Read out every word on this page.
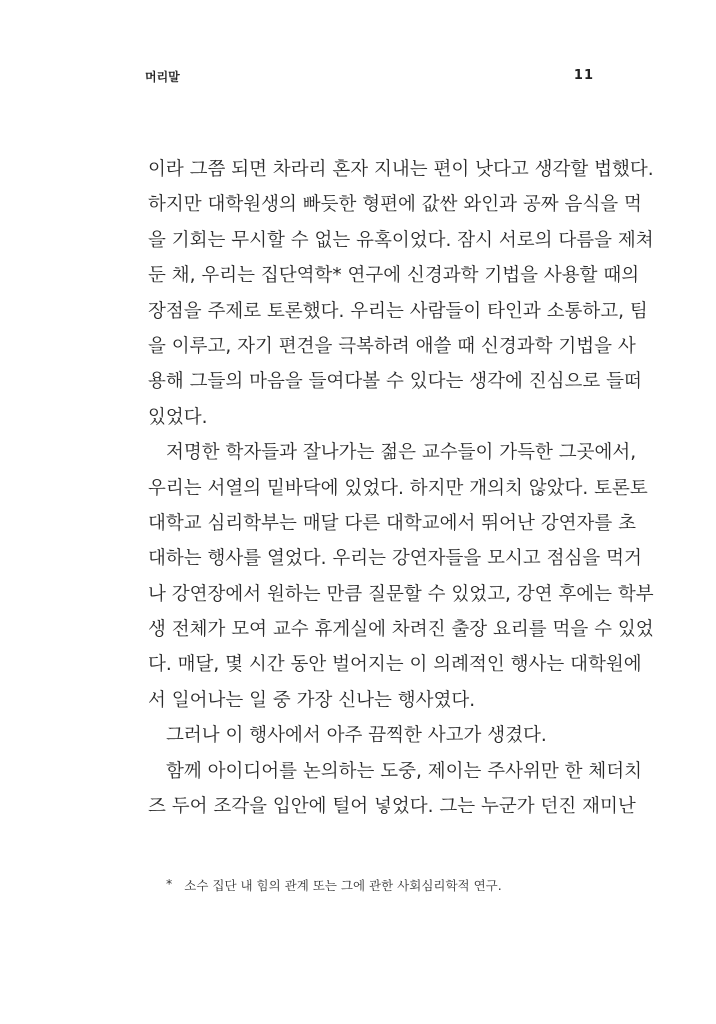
머리말	11
이라 그쯤 되면 차라리 혼자 지내는 편이 낫다고 생각할 법했다.
하지만 대학원생의 빠듯한 형편에 값싼 와인과 공짜 음식을 먹
을 기회는 무시할 수 없는 유혹이었다. 잠시 서로의 다름을 제쳐
둔 채, 우리는 집단역학* 연구에 신경과학 기법을 사용할 때의
장점을 주제로 토론했다. 우리는 사람들이 타인과 소통하고, 팀
을 이루고, 자기 편견을 극복하려 애쓸 때 신경과학 기법을 사
용해 그들의 마음을 들여다볼 수 있다는 생각에 진심으로 들떠
있었다.
저명한 학자들과 잘나가는 젊은 교수들이 가득한 그곳에서,
우리는 서열의 밑바닥에 있었다. 하지만 개의치 않았다. 토론토
대학교 심리학부는 매달 다른 대학교에서 뛰어난 강연자를 초
대하는 행사를 열었다. 우리는 강연자들을 모시고 점심을 먹거
나 강연장에서 원하는 만큼 질문할 수 있었고, 강연 후에는 학부
생 전체가 모여 교수 휴게실에 차려진 출장 요리를 먹을 수 있었
다. 매달, 몇 시간 동안 벌어지는 이 의례적인 행사는 대학원에
서 일어나는 일 중 가장 신나는 행사였다.
그러나 이 행사에서 아주 끔찍한 사고가 생겼다.
함께 아이디어를 논의하는 도중, 제이는 주사위만 한 체더치
즈 두어 조각을 입안에 털어 넣었다. 그는 누군가 던진 재미난
* 소수 집단 내 힘의 관계 또는 그에 관한 사회심리학적 연구.
